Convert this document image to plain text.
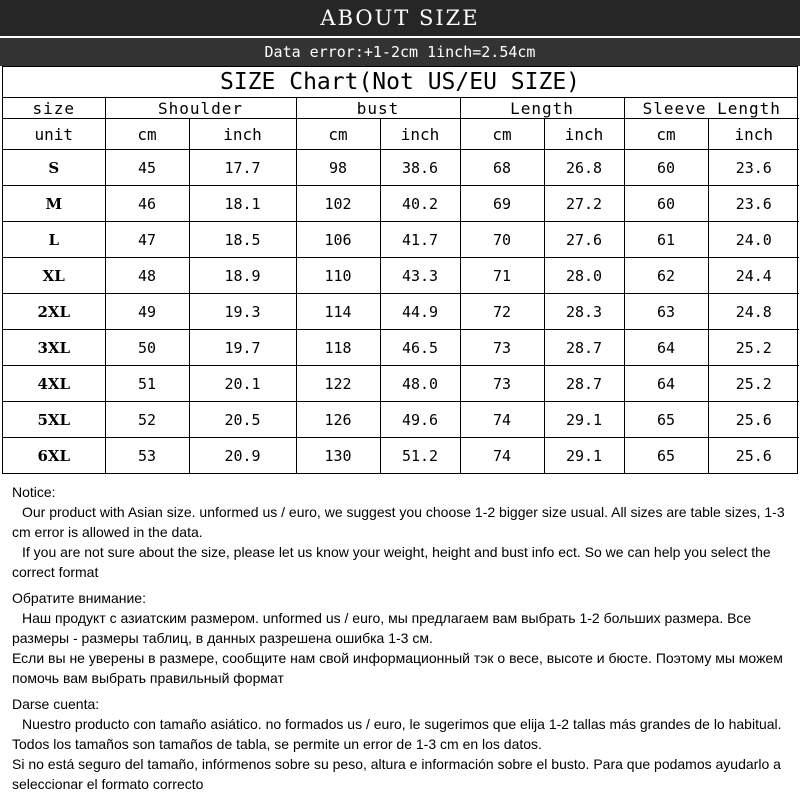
ABOUT SIZE
Data error:+1-2cm 1inch=2.54cm
SIZE Chart(Not US/EU SIZE)
size	Shoulder		bust		Length		Sleeve Length	
unit	cm	inch	cm	inch	cm	inch	cm	inch
S	45	17.7	98	38.6	68	26.8	60	23.6
M	46	18.1	102	40.2	69	27.2	60	23.6
L	47	18.5	106	41.7	70	27.6	61	24.0
XL	48	18.9	110	43.3	71	28.0	62	24.4
2XL	49	19.3	114	44.9	72	28.3	63	24.8
3XL	50	19.7	118	46.5	73	28.7	64	25.2
4XL	51	20.1	122	48.0	73	28.7	64	25.2
5XL	52	20.5	126	49.6	74	29.1	65	25.6
6XL	53	20.9	130	51.2	74	29.1	65	25.6

Notice:

Our product with Asian size. unformed us / euro, we suggest you choose 1-2 bigger size usual. All sizes are table sizes, 1-3 cm error is allowed in the data.

If you are not sure about the size, please let us know your weight, height and bust info ect. So we can help you select the correct format

Обратите внимание:

Наш продукт с азиатским размером. unformed us / euro, мы предлагаем вам выбрать 1-2 больших размера. Все размеры - размеры таблиц, в данных разрешена ошибка 1-3 см.

Если вы не уверены в размере, сообщите нам свой информационный тэк о весе, высоте и бюсте. Поэтому мы можем помочь вам выбрать правильный формат

Darse cuenta:

Nuestro producto con tamaño asiático. no formados us / euro, le sugerimos que elija 1-2 tallas más grandes de lo habitual. Todos los tamaños son tamaños de tabla, se permite un error de 1-3 cm en los datos.

Si no está seguro del tamaño, infórmenos sobre su peso, altura e información sobre el busto. Para que podamos ayudarlo a seleccionar el formato correcto
